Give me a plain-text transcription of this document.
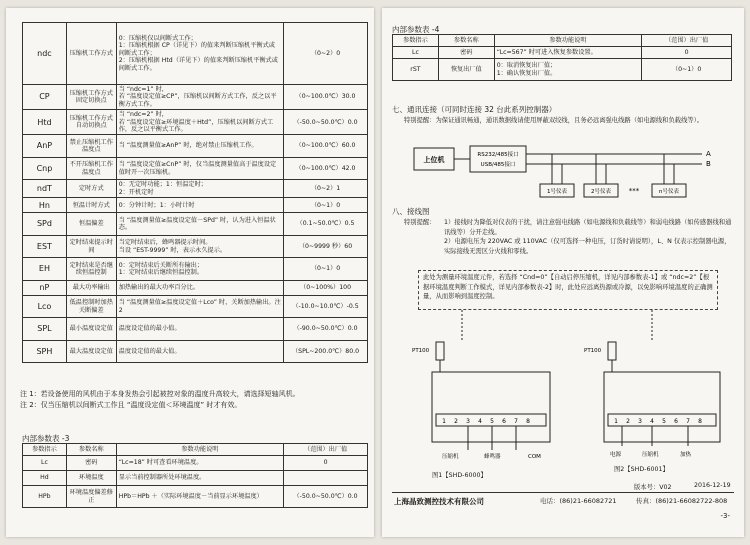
ndc	压缩机工作方式	0：压缩机仅以间断式工作；
1：压缩机根据 CP（详见下）的值来判断压缩机平衡式或间断式工作；
2：压缩机根据 Htd（详见下）的值来判断压缩机平衡式或间断式工作。	（0~2）0
CP	压缩机工作方式固定切换点	当 “ndc=1” 时，
若 “温度设定值≥CP”，压缩机以间断方式工作，反之以平衡方式工作。	（0~100.0℃）30.0
Htd	压缩机工作方式自动切换点	当 “ndc=2” 时，
若 “温度设定值≥环境温度＋Htd”，压缩机以间断方式工作，反之以平衡式工作。	（-50.0~50.0℃）0.0
AnP	禁止压缩机工作温度点	当 “温度测量值≥AnP” 时，绝对禁止压缩机工作。	（0~100.0℃）60.0
Cnp	不开压缩机工作温度点	当 “温度设定值≥CnP” 时，仅当温度测量值高于温度设定值时开一次压缩机。	（0~100.0℃）42.0
ndT	定时方式	0：无定时功能；1：恒温定时；
2：开机定时	（0~2）1
Hn	恒温计时方式	0：分钟计时；1：小时计时	（0~1）0
SPd	恒温偏差	当 “温度测量值≥温度设定值－SPd” 时，认为进入恒温状态。	（0.1~50.0℃）0.5
EST	定时结束提示时间	当定时结束后，蜂鸣器提示时间。
当设 “EST-9999” 时，表示永久提示。	（0~9999 秒）60
EH	定时结束是否继续恒温控制	0：定时结束后关断所有输出；
1：定时结束后继续恒温控制。	（0~1）0
nP	最大功率输出	加热输出的最大功率百分比。	（0~100%）100
Lco	低温控制时加热关断偏差	当 “温度测量值≥温度设定值＋Lco” 时，关断加热输出。注 2	（-10.0~10.0℃）-0.5
SPL	最小温度设定值	温度设定值的最小值。	（-90.0~50.0℃）0.0
SPH	最大温度设定值	温度设定值的最大值。	（SPL~200.0℃）80.0
注 1：若设备使用的风机由于本身发热会引起被控对象的温度升高较大，请选择短轴风机。
注 2：仅当压缩机以间断式工作且 “温度设定值＜环境温度” 时才有效。
内部参数表 -3
参数指示	参数名称	参数功能说明	（范围）出厂值
Lc	密码	“Lc=18” 时可查看环境温度。	0
Hd	环境温度	显示当前控制器所处环境温度。	
HPb	环境温度偏差修正	HPb＝HPb ＋（实际环境温度－当前显示环境温度）	（-50.0~50.0℃）0.0
内部参数表 -4
参数指示	参数名称	参数功能说明	（范围）出厂值
Lc	密码	“Lc=567” 时可进入恢复参数设置。	0
rST	恢复出厂值	0：取消恢复出厂值；
1：确认恢复出厂值。	（0~1）0
七、通讯连接（可同时连接 32 台此系列控制器）
特别提醒：为保证通讯畅通，通讯数据线请使用屏蔽双绞线，且务必远离强电线路（如电源线和负载线等）。
上位机
RS232/485接口
USB/485接口
A
B
1号仪表	2号仪表	***	n号仪表
八、接线图
特别提醒：	1）接线时为降低对仪表的干扰，请注意强电线路（如电源线和负载线等）和弱电线路（如传感器线和通讯线等）分开走线。
2）电源电压为 220VAC 或 110VAC（仅可选择一种电压，订货时请说明），L、N 仅表示控制器电源，实际接线无需区分火线和零线。
此处为测量环境温度元件，若选择 “Cnd=0”【自动启停压缩机，详见内部参数表-1】或 “ndc=2”【根据环境温度判断工作模式，详见内部参数表-2】时，此处应远离热源或冷源，以免影响环境温度的正确测量，从而影响到温度控制。
PT100
1 2 3 4 5 6 7 8
压缩机	蜂鸣器	COM
PT100
1 2 3 4 5 6 7 8
电源	压缩机	加热
图1【SHD-6000】
图2【SHD-6001】
版本号：V02	2016-12-19
上海晶致测控技术有限公司	电话：(86)21-66082721	传真：(86)21-66082722-808
-3-
